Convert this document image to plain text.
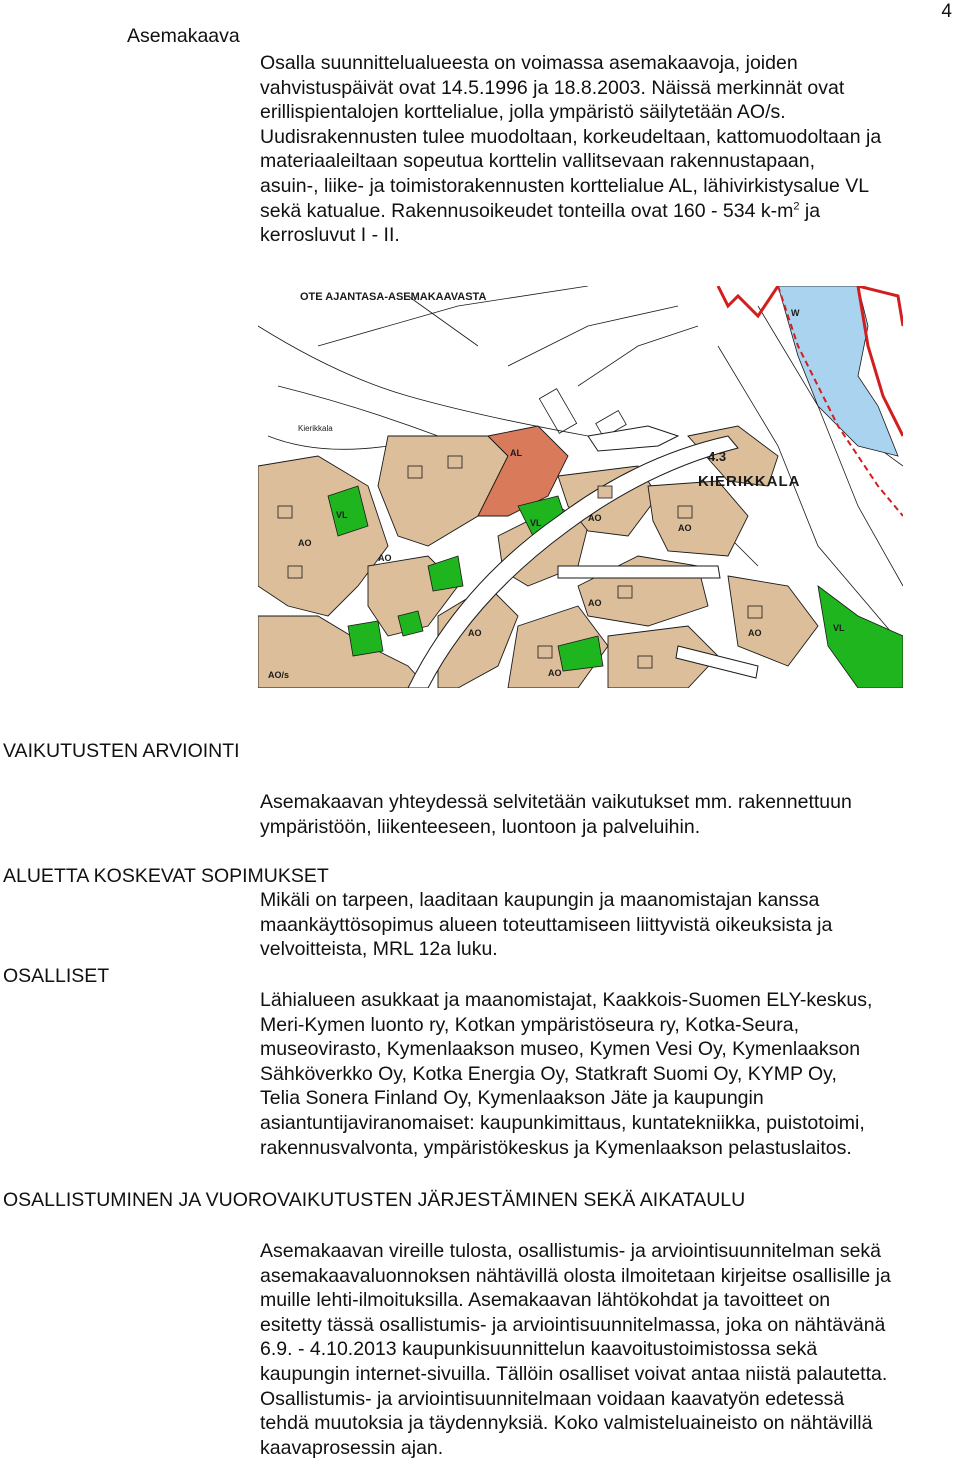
4
Asemakaava
Osalla suunnittelualueesta on voimassa asemakaavoja, joiden
vahvistuspäivät ovat 14.5.1996 ja 18.8.2003. Näissä merkinnät ovat
erillispientalojen korttelialue, jolla ympäristö säilytetään AO/s.
Uudisrakennusten tulee muodoltaan, korkeudeltaan, kattomuodoltaan ja
materiaaleiltaan sopeutua korttelin vallitsevaan rakennustapaan,
asuin-, liike- ja toimistorakennusten korttelialue AL, lähivirkistysalue VL
sekä katualue. Rakennusoikeudet tonteilla ovat 160 - 534 $k-m^2$ ja
kerrosluvut I - II.
OTE AJANTASA-ASEMAKAAVASTA
KIERIKKALA
Kierikkala
VL
VL
VL
AL
AO
AO
AO
AO
AO
AO/s
W
AO
AO
AO
4.3
VAIKUTUSTEN ARVIOINTI
Asemakaavan yhteydessä selvitetään vaikutukset mm. rakennettuun
ympäristöön, liikenteeseen, luontoon ja palveluihin.
ALUETTA KOSKEVAT SOPIMUKSET
Mikäli on tarpeen, laaditaan kaupungin ja maanomistajan kanssa
maankäyttösopimus alueen toteuttamiseen liittyvistä oikeuksista ja
velvoitteista, MRL 12a luku.
OSALLISET
Lähialueen asukkaat ja maanomistajat, Kaakkois-Suomen ELY-keskus,
Meri-Kymen luonto ry, Kotkan ympäristöseura ry, Kotka-Seura,
museovirasto, Kymenlaakson museo, Kymen Vesi Oy, Kymenlaakson
Sähköverkko Oy, Kotka Energia Oy, Statkraft Suomi Oy, KYMP Oy,
Telia Sonera Finland Oy, Kymenlaakson Jäte ja kaupungin
asiantuntijaviranomaiset: kaupunkimittaus, kuntatekniikka, puistotoimi,
rakennusvalvonta, ympäristökeskus ja Kymenlaakson pelastuslaitos.
OSALLISTUMINEN JA VUOROVAIKUTUSTEN JÄRJESTÄMINEN SEKÄ AIKATAULU
Asemakaavan vireille tulosta, osallistumis- ja arviointisuunnitelman sekä
asemakaavaluonnoksen nähtävillä olosta ilmoitetaan kirjeitse osallisille ja
muille lehti-ilmoituksilla. Asemakaavan lähtökohdat ja tavoitteet on
esitetty tässä osallistumis- ja arviointisuunnitelmassa, joka on nähtävänä
6.9. - 4.10.2013 kaupunkisuunnittelun kaavoitustoimistossa sekä
kaupungin internet-sivuilla. Tällöin osalliset voivat antaa niistä palautetta.
Osallistumis- ja arviointisuunnitelmaan voidaan kaavatyön edetessä
tehdä muutoksia ja täydennyksiä. Koko valmisteluaineisto on nähtävillä
kaavaprosessin ajan.
